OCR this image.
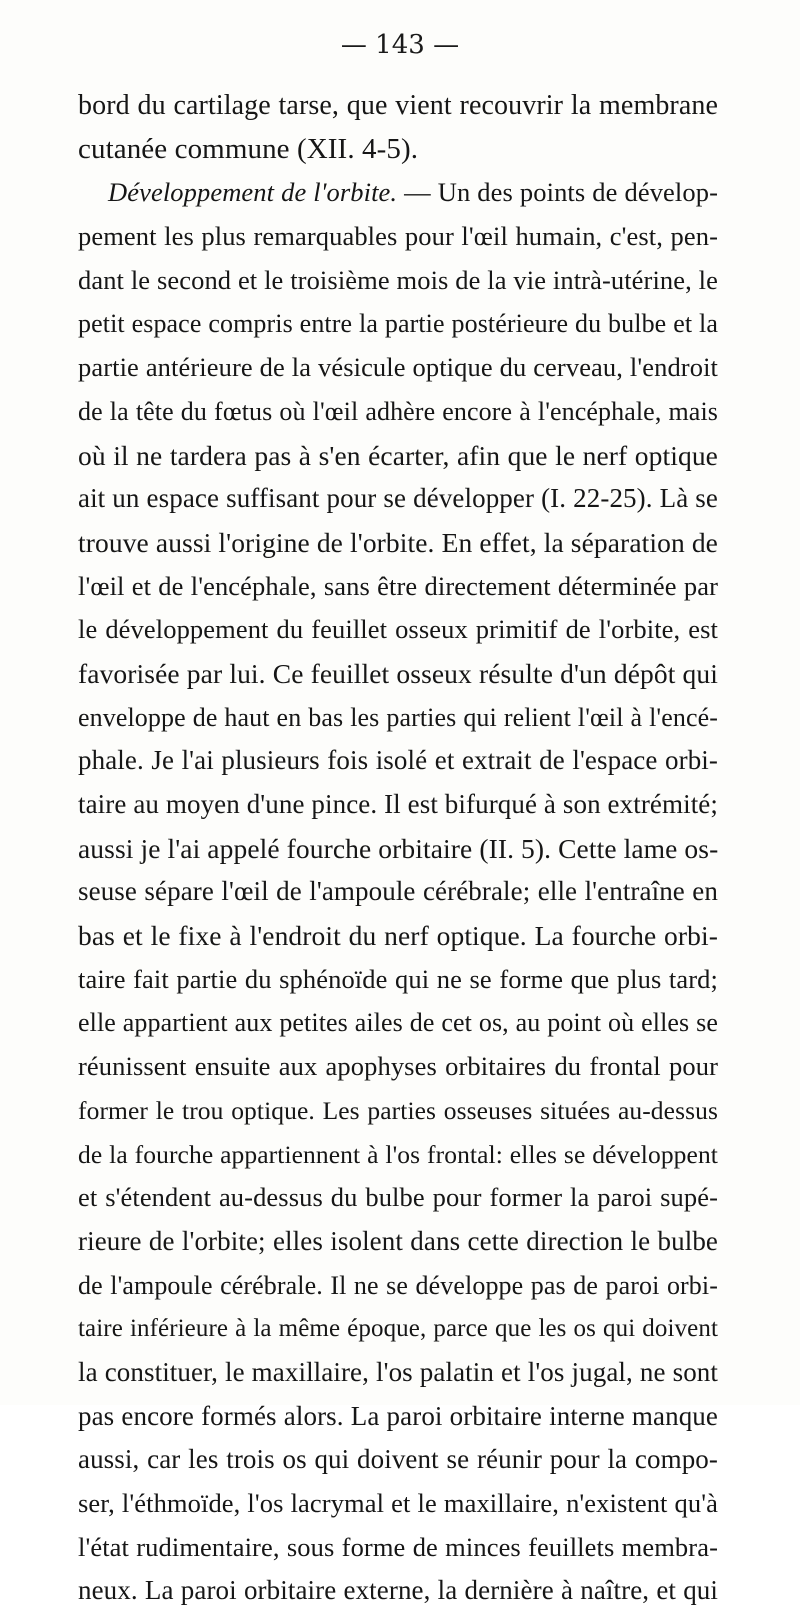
— 143 —

bord du cartilage tarse, que vient recouvrir la membrane
cutanée commune (XII. 4-5).
Développement de l'orbite. — Un des points de dévelop-
pement les plus remarquables pour l'œil humain, c'est, pen-
dant le second et le troisième mois de la vie intrà-utérine, le
petit espace compris entre la partie postérieure du bulbe et la
partie antérieure de la vésicule optique du cerveau, l'endroit
de la tête du fœtus où l'œil adhère encore à l'encéphale, mais
où il ne tardera pas à s'en écarter, afin que le nerf optique
ait un espace suffisant pour se développer (I. 22-25). Là se
trouve aussi l'origine de l'orbite. En effet, la séparation de
l'œil et de l'encéphale, sans être directement déterminée par
le développement du feuillet osseux primitif de l'orbite, est
favorisée par lui. Ce feuillet osseux résulte d'un dépôt qui
enveloppe de haut en bas les parties qui relient l'œil à l'encé-
phale. Je l'ai plusieurs fois isolé et extrait de l'espace orbi-
taire au moyen d'une pince. Il est bifurqué à son extrémité;
aussi je l'ai appelé fourche orbitaire (II. 5). Cette lame os-
seuse sépare l'œil de l'ampoule cérébrale; elle l'entraîne en
bas et le fixe à l'endroit du nerf optique. La fourche orbi-
taire fait partie du sphénoïde qui ne se forme que plus tard;
elle appartient aux petites ailes de cet os, au point où elles se
réunissent ensuite aux apophyses orbitaires du frontal pour
former le trou optique. Les parties osseuses situées au-dessus
de la fourche appartiennent à l'os frontal: elles se développent
et s'étendent au-dessus du bulbe pour former la paroi supé-
rieure de l'orbite; elles isolent dans cette direction le bulbe
de l'ampoule cérébrale. Il ne se développe pas de paroi orbi-
taire inférieure à la même époque, parce que les os qui doivent
la constituer, le maxillaire, l'os palatin et l'os jugal, ne sont
pas encore formés alors. La paroi orbitaire interne manque
aussi, car les trois os qui doivent se réunir pour la compo-
ser, l'éthmoïde, l'os lacrymal et le maxillaire, n'existent qu'à
l'état rudimentaire, sous forme de minces feuillets membra-
neux. La paroi orbitaire externe, la dernière à naître, et qui
